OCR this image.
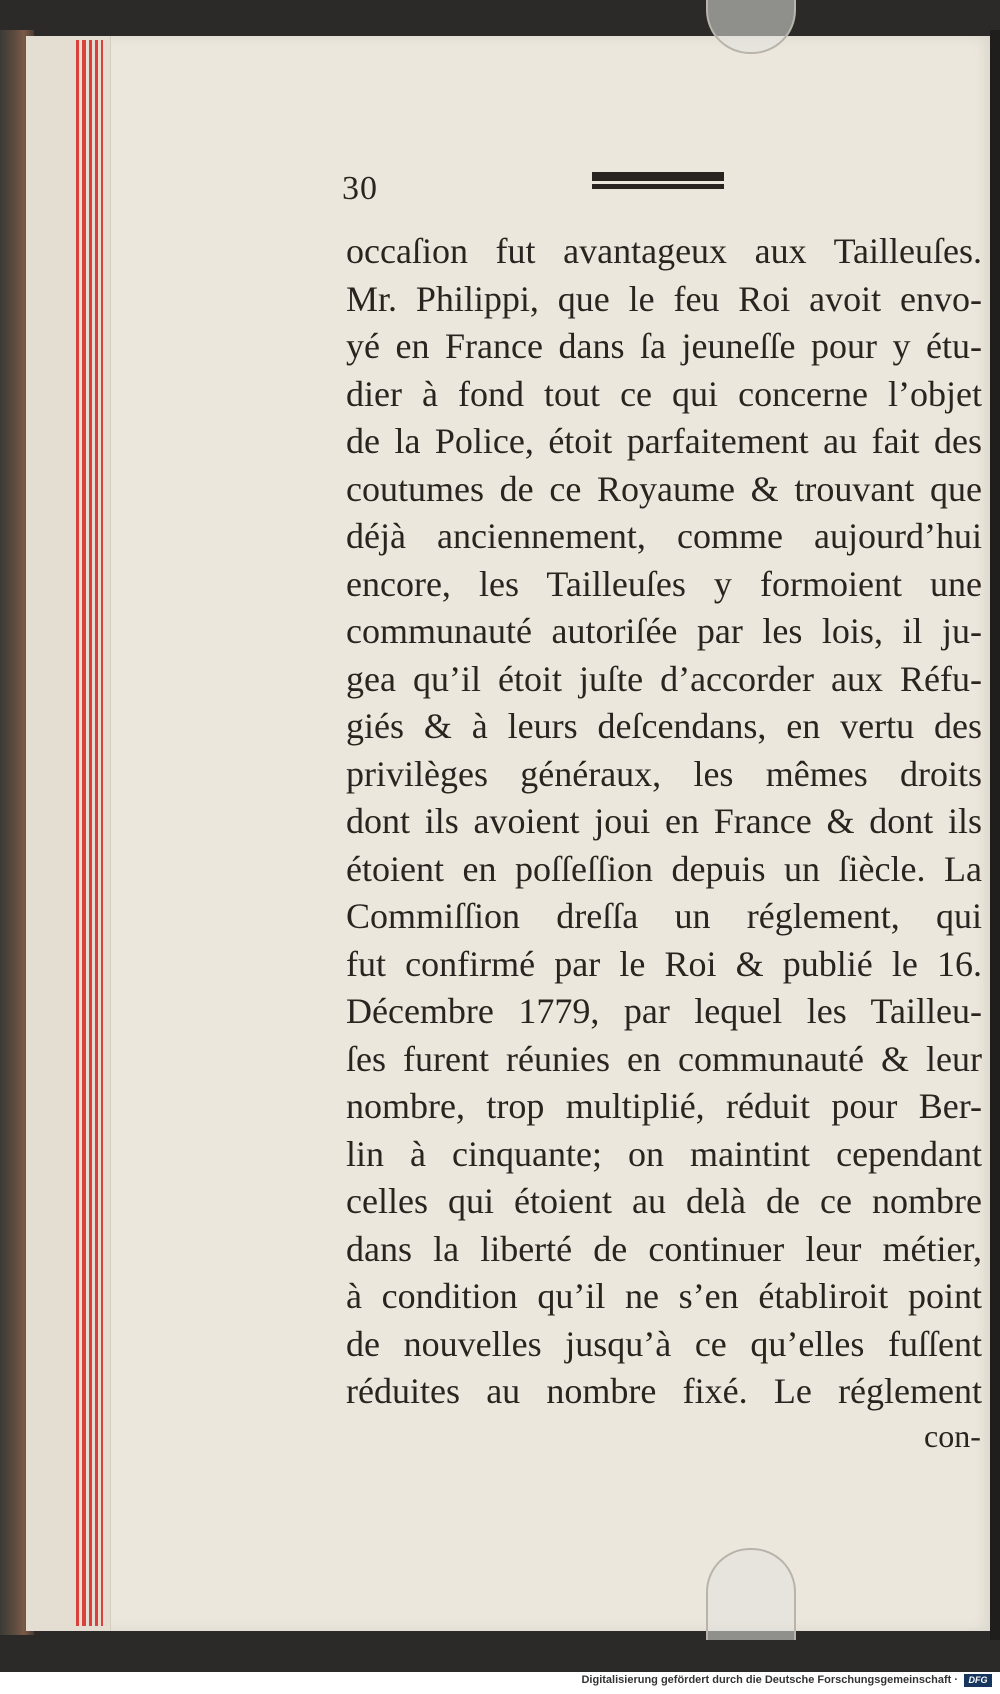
30
occaſion fut avantageux aux Tailleuſes.
Mr. Philippi, que le feu Roi avoit envo-
yé en France dans ſa jeuneſſe pour y étu-
dier à fond tout ce qui concerne l’objet
de la Police, étoit parfaitement au fait des
coutumes de ce Royaume & trouvant que
déjà anciennement, comme aujourd’hui
encore, les Tailleuſes y formoient une
communauté autoriſée par les lois, il ju-
gea qu’il étoit juſte d’accorder aux Réfu-
giés & à leurs deſcendans, en vertu des
privilèges généraux, les mêmes droits
dont ils avoient joui en France & dont ils
étoient en poſſeſſion depuis un ſiècle. La
Commiſſion dreſſa un réglement, qui
fut confirmé par le Roi & publié le 16.
Décembre 1779, par lequel les Tailleu-
ſes furent réunies en communauté & leur
nombre, trop multiplié, réduit pour Ber-
lin à cinquante; on maintint cependant
celles qui étoient au delà de ce nombre
dans la liberté de continuer leur métier,
à condition qu’il ne s’en établiroit point
de nouvelles jusqu’à ce qu’elles fuſſent
réduites au nombre fixé. Le réglement
con-
Digitalisierung gefördert durch die Deutsche Forschungsgemeinschaft ·	DFG
